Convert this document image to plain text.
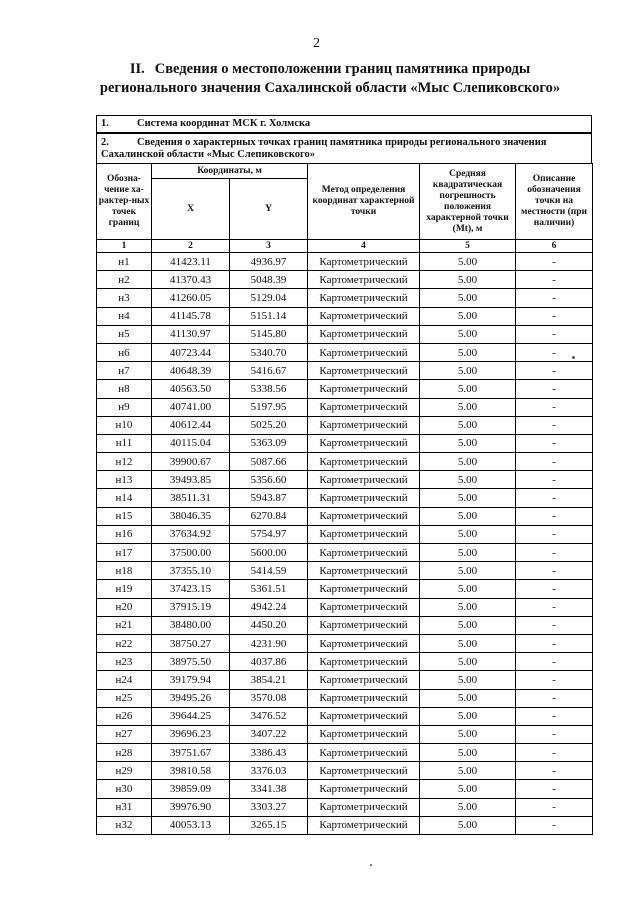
2
II. Сведения о местоположении границ памятника природы
регионального значения Сахалинской области «Мыс Слепиковского»
1.	Система координат МСК г. Холмска
2.	Сведения о характерных точках границ памятника природы регионального значения Сахалинской области «Мыс Слепиковского»
Обозна-чение ха-рактер-ных точек границ	Координаты, м		Метод определения координат характерной точки	Средняя квадратическая погрешность положения характерной точки (Mt), м	Описание обозначения точки на местности (при наличии)
	X	Y			
1	2	3	4	5	6
н1	41423.11	4936.97	Картометрический	5.00	-
н2	41370.43	5048.39	Картометрический	5.00	-
н3	41260.05	5129.04	Картометрический	5.00	-
н4	41145.78	5151.14	Картометрический	5.00	-
н5	41130.97	5145.80	Картометрический	5.00	-
н6	40723.44	5340.70	Картометрический	5.00	-
н7	40648.39	5416.67	Картометрический	5.00	-
н8	40563.50	5338.56	Картометрический	5.00	-
н9	40741.00	5197.95	Картометрический	5.00	-
н10	40612.44	5025.20	Картометрический	5.00	-
н11	40115.04	5363.09	Картометрический	5.00	-
н12	39900.67	5087.66	Картометрический	5.00	-
н13	39493.85	5356.60	Картометрический	5.00	-
н14	38511.31	5943.87	Картометрический	5.00	-
н15	38046.35	6270.84	Картометрический	5.00	-
н16	37634.92	5754.97	Картометрический	5.00	-
н17	37500.00	5600.00	Картометрический	5.00	-
н18	37355.10	5414.59	Картометрический	5.00	-
н19	37423.15	5361.51	Картометрический	5.00	-
н20	37915.19	4942.24	Картометрический	5.00	-
н21	38480.00	4450.20	Картометрический	5.00	-
н22	38750.27	4231.90	Картометрический	5.00	-
н23	38975.50	4037.86	Картометрический	5.00	-
н24	39179.94	3854.21	Картометрический	5.00	-
н25	39495.26	3570.08	Картометрический	5.00	-
н26	39644.25	3476.52	Картометрический	5.00	-
н27	39696.23	3407.22	Картометрический	5.00	-
н28	39751.67	3386.43	Картометрический	5.00	-
н29	39810.58	3376.03	Картометрический	5.00	-
н30	39859.09	3341.38	Картометрический	5.00	-
н31	39976.90	3303.27	Картометрический	5.00	-
н32	40053.13	3265.15	Картометрический	5.00	-
